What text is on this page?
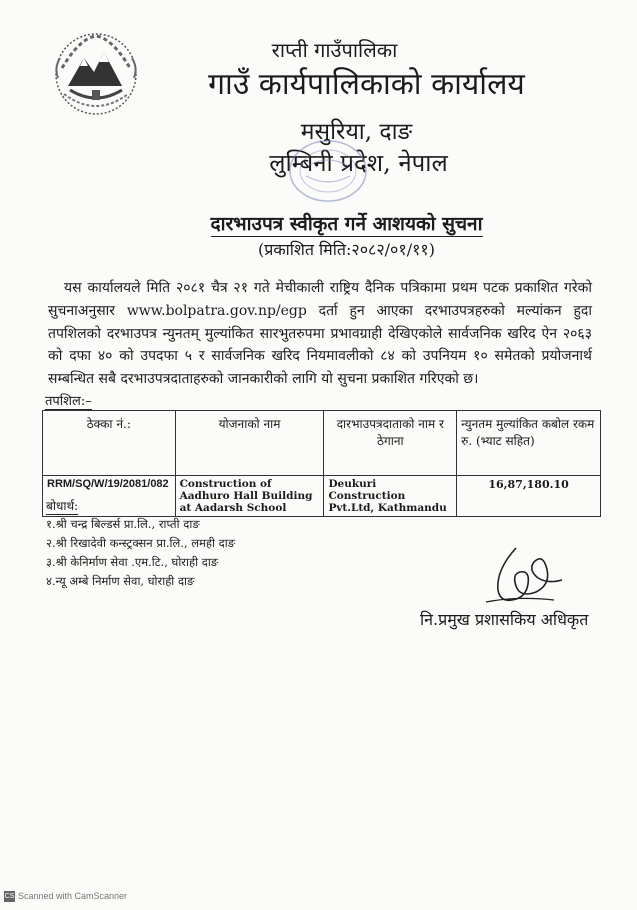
राप्ती गाउँपालिका
गाउँ कार्यपालिकाको कार्यालय
मसुरिया, दाङ
लुम्बिनी प्रदेश, नेपाल
दारभाउपत्र स्वीकृत गर्ने आशयको सुचना
(प्रकाशित मिति:२०८२/०१/११)

यस कार्यालयले मिति २०८१ चैत्र २१ गते मेचीकाली राष्ट्रिय दैनिक पत्रिकामा प्रथम पटक प्रकाशित गरेको सुचनाअनुसार www.bolpatra.gov.np/egp दर्ता हुन आएका दरभाउपत्रहरुको मल्यांकन हुदा तपशिलको दरभाउपत्र न्युनतम् मुल्यांकित सारभुतरुपमा प्रभावग्राही देखिएकोले सार्वजनिक खरिद ऐन २०६३ को दफा ४० को उपदफा ५ र सार्वजनिक खरिद नियमावलीको ८४ को उपनियम १० समेतको प्रयोजनार्थ सम्बन्धित सबै दरभाउपत्रदाताहरुको जानकारीको लागि यो सुचना प्रकाशित गरिएको छ।

तपशिल:–
ठेक्का नं.:	योजनाको नाम	दारभाउपत्रदाताको नाम र ठेगाना	न्युनतम मुल्यांकित कबोल रकम रु. (भ्याट सहित)
RRM/SQ/W/19/2081/082	Construction of Aadhuro Hall Building at Aadarsh School	Deukuri Construction Pvt.Ltd, Kathmandu	16,87,180.10
बोधार्थ:
१.श्री चन्द्र बिल्डर्स प्रा.लि., राप्ती दाङ
२.श्री रिखादेवी कन्स्ट्रक्सन प्रा.लि., लमही दाङ
३.श्री केनिर्माण सेवा .एम.टि., घोराही दाङ
४.न्यू अम्बे निर्माण सेवा, घोराही दाङ
नि.प्रमुख प्रशासकिय अधिकृत
CS Scanned with CamScanner
